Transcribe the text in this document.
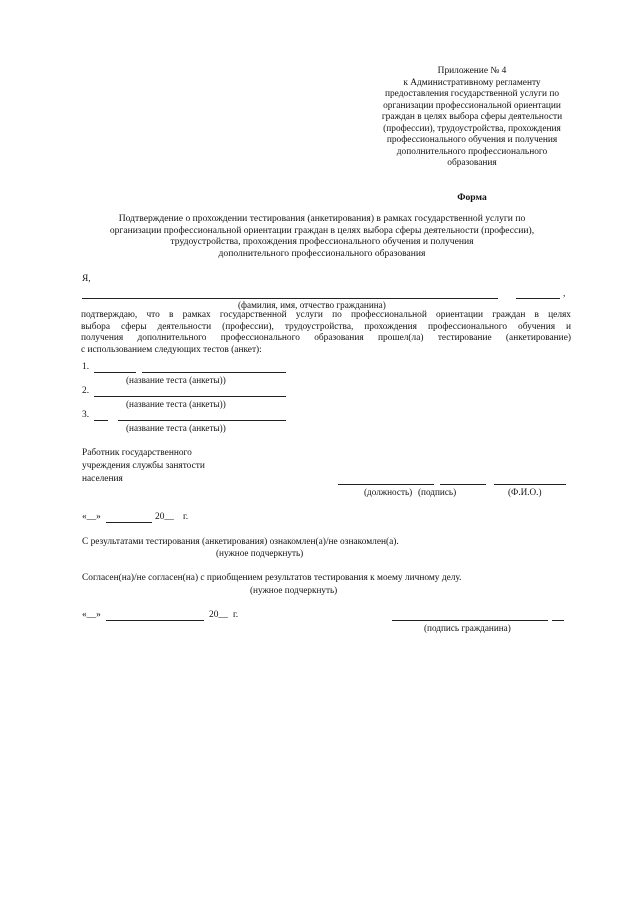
Приложение № 4
к Административному регламенту
предоставления государственной услуги по
организации профессиональной ориентации
граждан в целях выбора сферы деятельности
(профессии), трудоустройства, прохождения
профессионального обучения и получения
дополнительного профессионального
образования
Форма
Подтверждение о прохождении тестирования (анкетирования) в рамках государственной услуги по
организации профессиональной ориентации граждан в целях выбора сферы деятельности (профессии),
трудоустройства, прохождения профессионального обучения и получения
дополнительного профессионального образования
Я,
,
(фамилия, имя, отчество гражданина)
подтверждаю, что в рамках государственной услуги по профессиональной ориентации граждан в целях
выбора сферы деятельности (профессии), трудоустройства, прохождения профессионального обучения и
получения дополнительного профессионального образования прошел(ла) тестирование (анкетирование)
с использованием следующих тестов (анкет):
1.
(название теста (анкеты))
2.
(название теста (анкеты))
3.
(название теста (анкеты))
Работник государственного
учреждения службы занятости
населения
(должность) (подпись)	(Ф.И.О.)
«__»	20__ г.
С результатами тестирования (анкетирования) ознакомлен(а)/не ознакомлен(а).
(нужное подчеркнуть)
Согласен(на)/не согласен(на) с приобщением результатов тестирования к моему личному делу.
(нужное подчеркнуть)
«__»	20__ г.
(подпись гражданина)
